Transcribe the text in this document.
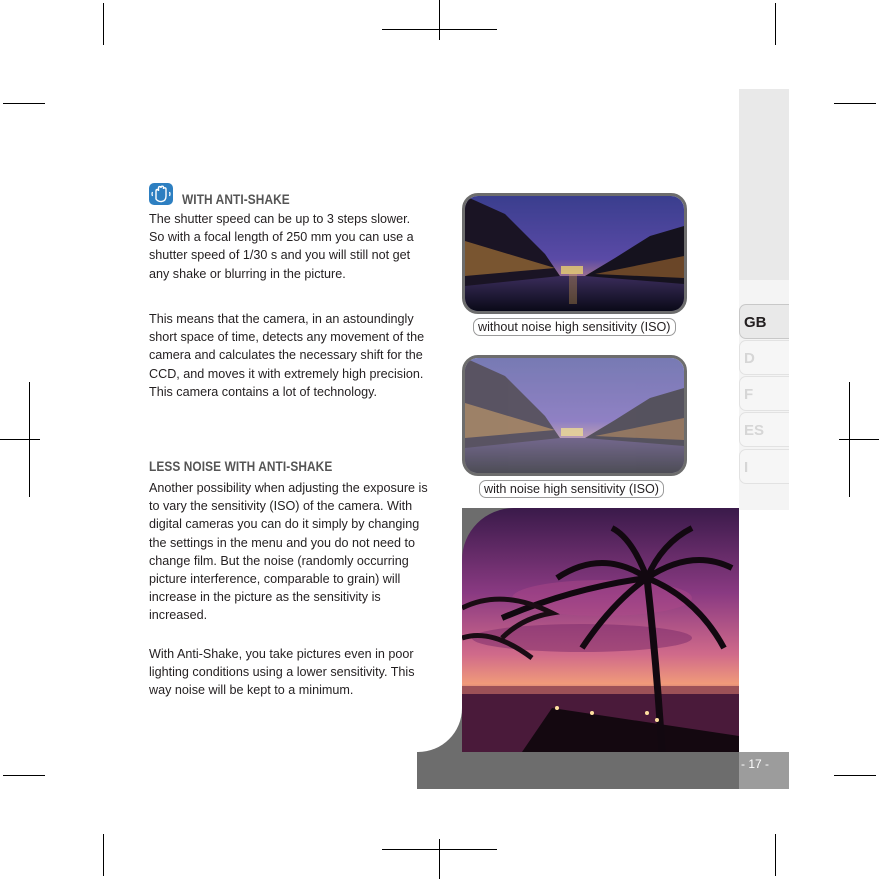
GB
D
F
ES
I
WITH ANTI-SHAKE
The shutter speed can be up to 3 steps slower. So with a focal length of 250 mm you can use a shutter speed of 1/30 s and you will still not get any shake or blurring in the picture.
This means that the camera, in an astoundingly short space of time, detects any movement of the camera and calculates the necessary shift for the CCD, and moves it with extremely high precision. This camera contains a lot of technology.
LESS NOISE WITH ANTI-SHAKE
Another possibility when adjusting the exposure is to vary the sensitivity (ISO) of the camera. With digital cameras you can do it simply by changing the settings in the menu and you do not need to change film. But the noise (randomly occurring picture interference, comparable to grain) will increase in the picture as the sensitivity is increased.
With Anti-Shake, you take pictures even in poor lighting conditions using a lower sensitivity. This way noise will be kept to a minimum.
without noise high sensitivity (ISO)
with noise high sensitivity (ISO)
- 17 -
